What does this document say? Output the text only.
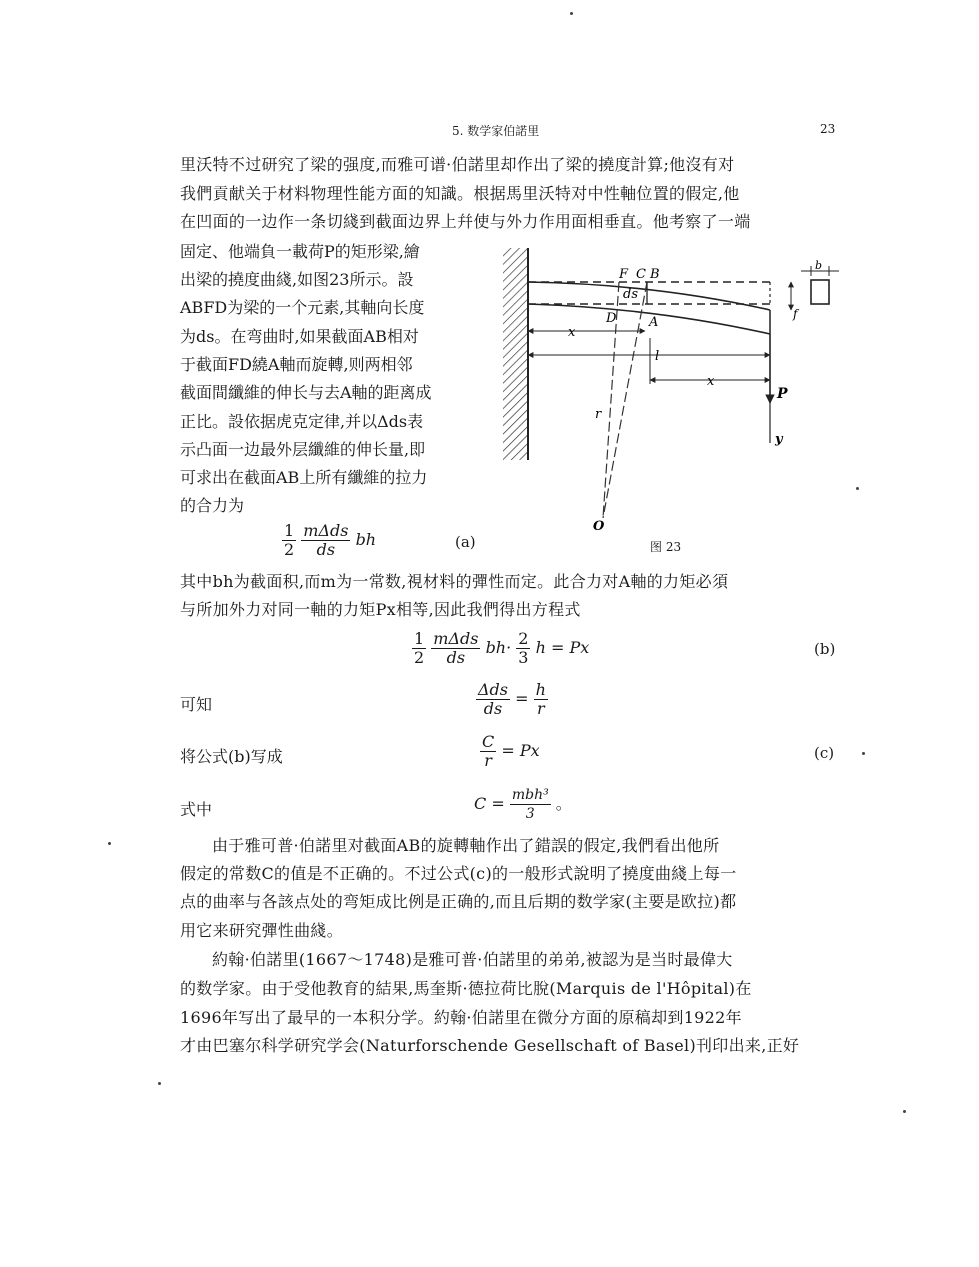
5. 数学家伯諾里	23
里沃特不过研究了梁的强度,而雅可谱·伯諾里却作出了梁的撓度計算;他沒有对
我們貢献关于材料物理性能方面的知識。根据馬里沃特对中性軸位置的假定,他
在凹面的一边作一条切綫到截面边界上幷使与外力作用面相垂直。他考察了一端
固定、他端負一載荷P的矩形梁,繪
出梁的撓度曲綫,如图23所示。設
ABFD为梁的一个元素,其軸向长度
为ds。在弯曲时,如果截面AB相对
于截面FD繞A軸而旋轉,则两相邻
截面間纖維的伸长与去A軸的距离成
正比。設依据虎克定律,并以Δds表
示凸面一边最外层纖維的伸长量,即
可求出在截面AB上所有纖維的拉力
的合力为
$\frac{1}{2}$
$\frac{\text{mΔds}}{ds}$ bh	(a)
F C B
ds
D	A
x
l
x
P
y
r
O
f
b
图 23
其中bh为截面积,而m为一常数,視材料的彈性而定。此合力对A軸的力矩必須
与所加外力对同一軸的力矩Px相等,因此我們得出方程式
$\frac{1}{2}$
$\frac{\text{mΔds}}{ds} bh\cdot \frac{2}{3}$ h = Px	(b)
可知	$\frac{\text{Δds}}{ds} = \frac{h}{r}$
将公式(b)写成	$\frac{C}{r} = Px$	(c)
式中	$C = \frac{\text{mbh³}}{3}$ 。
由于雅可普·伯諾里对截面AB的旋轉軸作出了錯誤的假定,我們看出他所
假定的常数C的值是不正确的。不过公式(c)的一般形式說明了撓度曲綫上每一
点的曲率与各該点处的弯矩成比例是正确的,而且后期的数学家(主要是欧拉)都
用它来研究彈性曲綫。
約翰·伯諾里(1667～1748)是雅可普·伯諾里的弟弟,被認为是当时最偉大
的数学家。由于受他教育的結果,馬奎斯·德拉荷比脫(Marquis de l'Hôpital)在
1696年写出了最早的一本积分学。約翰·伯諾里在微分方面的原稿却到1922年
才由巴塞尔科学研究学会(Naturforschende Gesellschaft of Basel)刊印出来,正好
